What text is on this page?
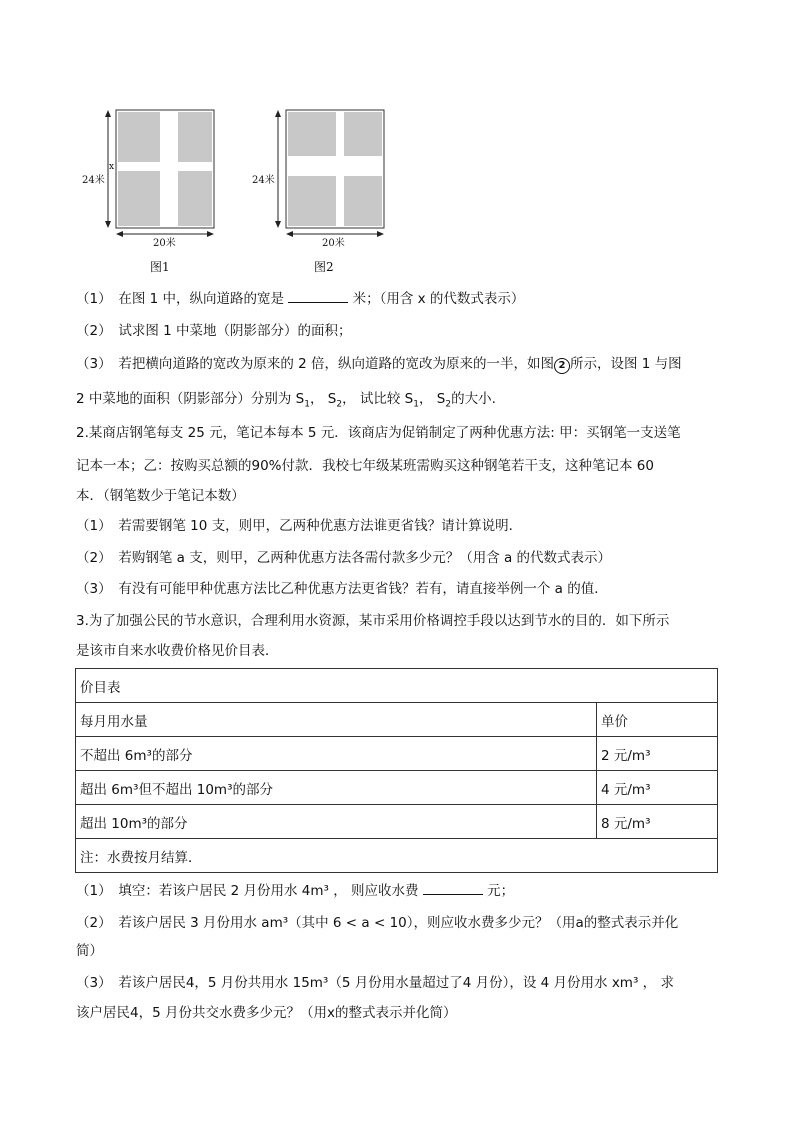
24米
x
20米
图1
24米
20米
图2
（1）　在图 1 中，纵向道路的宽是	米；（用含 x 的代数式表示）
（2）　试求图 1 中菜地（阴影部分）的面积；
（3）　若把横向道路的宽改为原来的 2 倍，纵向道路的宽改为原来的一半，如图 2 所示，设图 1 与图
2 中菜地的面积（阴影部分）分别为 $S_1$， $S_2$， 试比较 $S_1$， $S_2$的大小.
2.某商店钢笔每支 25 元，笔记本每本 5 元．该商店为促销制定了两种优惠方法: 甲：买钢笔一支送笔
记本一本；乙：按购买总额的90%付款．我校七年级某班需购买这种钢笔若干支，这种笔记本 60
本．（钢笔数少于笔记本数）
（1）　若需要钢笔 10 支，则甲，乙两种优惠方法谁更省钱？请计算说明．
（2）　若购钢笔 a 支，则甲，乙两种优惠方法各需付款多少元？（用含 a 的代数式表示）
（3）　有没有可能甲种优惠方法比乙种优惠方法更省钱？若有，请直接举例一个 a 的值．
3.为了加强公民的节水意识，合理利用水资源，某市采用价格调控手段以达到节水的目的．如下所示
是该市自来水收费价格见价目表．
价目表	
每月用水量	单价
不超出 6m³的部分	2 元/m³
超出 6m³但不超出 10m³的部分	4 元/m³
超出 10m³的部分	8 元/m³
注：水费按月结算．	
（1）　填空：若该户居民 2 月份用水 4m³ ， 则应收水费	元；
（2）　若该户居民 3 月份用水 am³（其中 6 < a < 10），则应收水费多少元？（用a的整式表示并化
简）
（3）　若该户居民4，5 月份共用水 15m³（5 月份用水量超过了4 月份），设 4 月份用水 xm³ ， 求
该户居民4，5 月份共交水费多少元？（用x的整式表示并化简）
